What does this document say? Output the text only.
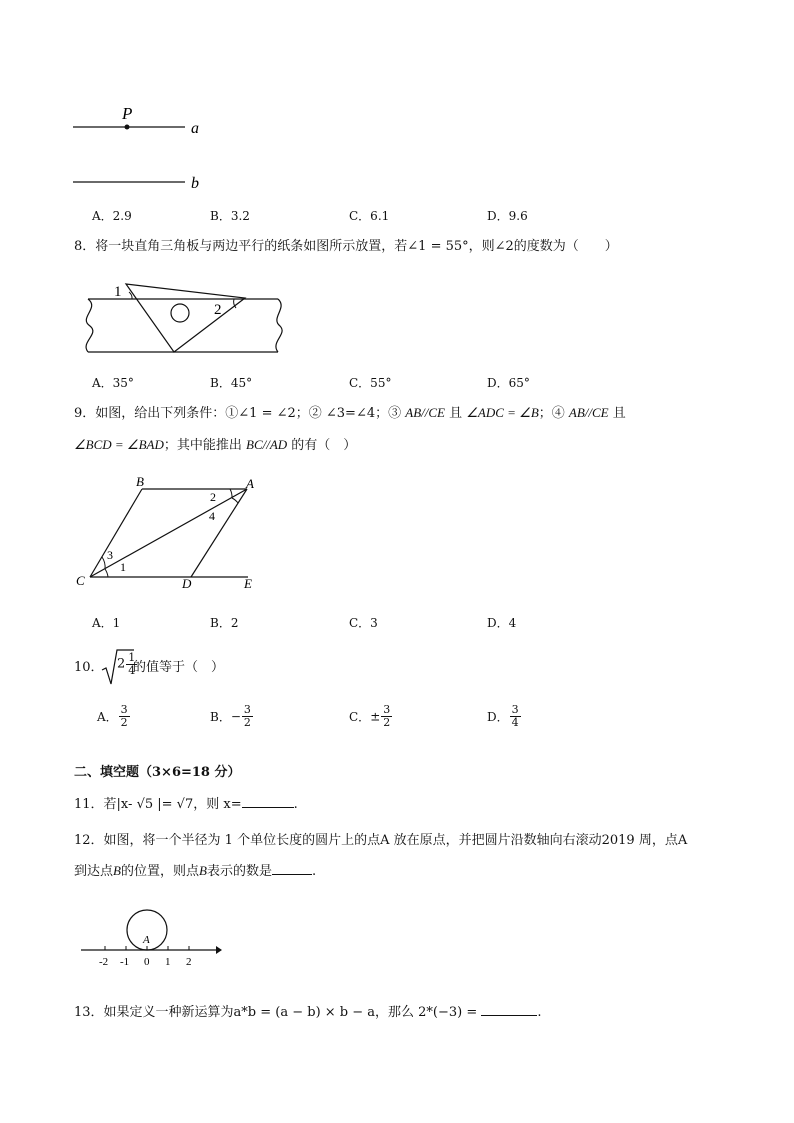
P
a
b
A．2.9	B．3.2	C．6.1	D．9.6
8．将一块直角三角板与两边平行的纸条如图所示放置，若∠1 = 55°，则∠2的度数为（　　）
1
2
A．35°	B．45°	C．55°	D．65°
9．如图，给出下列条件：①∠1 = ∠2；② ∠3=∠4；③ AB//CE 且 ∠ADC = ∠B；④ AB//CE 且
∠BCD = ∠BAD；其中能推出 BC//AD 的有（　）
B	A
C	D	E
2
4
3
1
A．1	B．2	C．3	D．4
10． $2 \frac{1}{4}$
的值等于（　）
A． $\frac{3}{2}$	B．− $\frac{3}{2}$	C．± $\frac{3}{2}$	D． $\frac{3}{4}$
二、填空题（3×6=18 分）
11．若|x- √5 |= √7，则 x=	.
12．如图，将一个半径为 1 个单位长度的圆片上的点A 放在原点，并把圆片沿数轴向右滚动2019 周，点A
到达点B的位置，则点B表示的数是	.
A
-2 -1 0 1 2
13．如果定义一种新运算为a*b = (a − b) × b − a，那么 2*(−3) =	.
